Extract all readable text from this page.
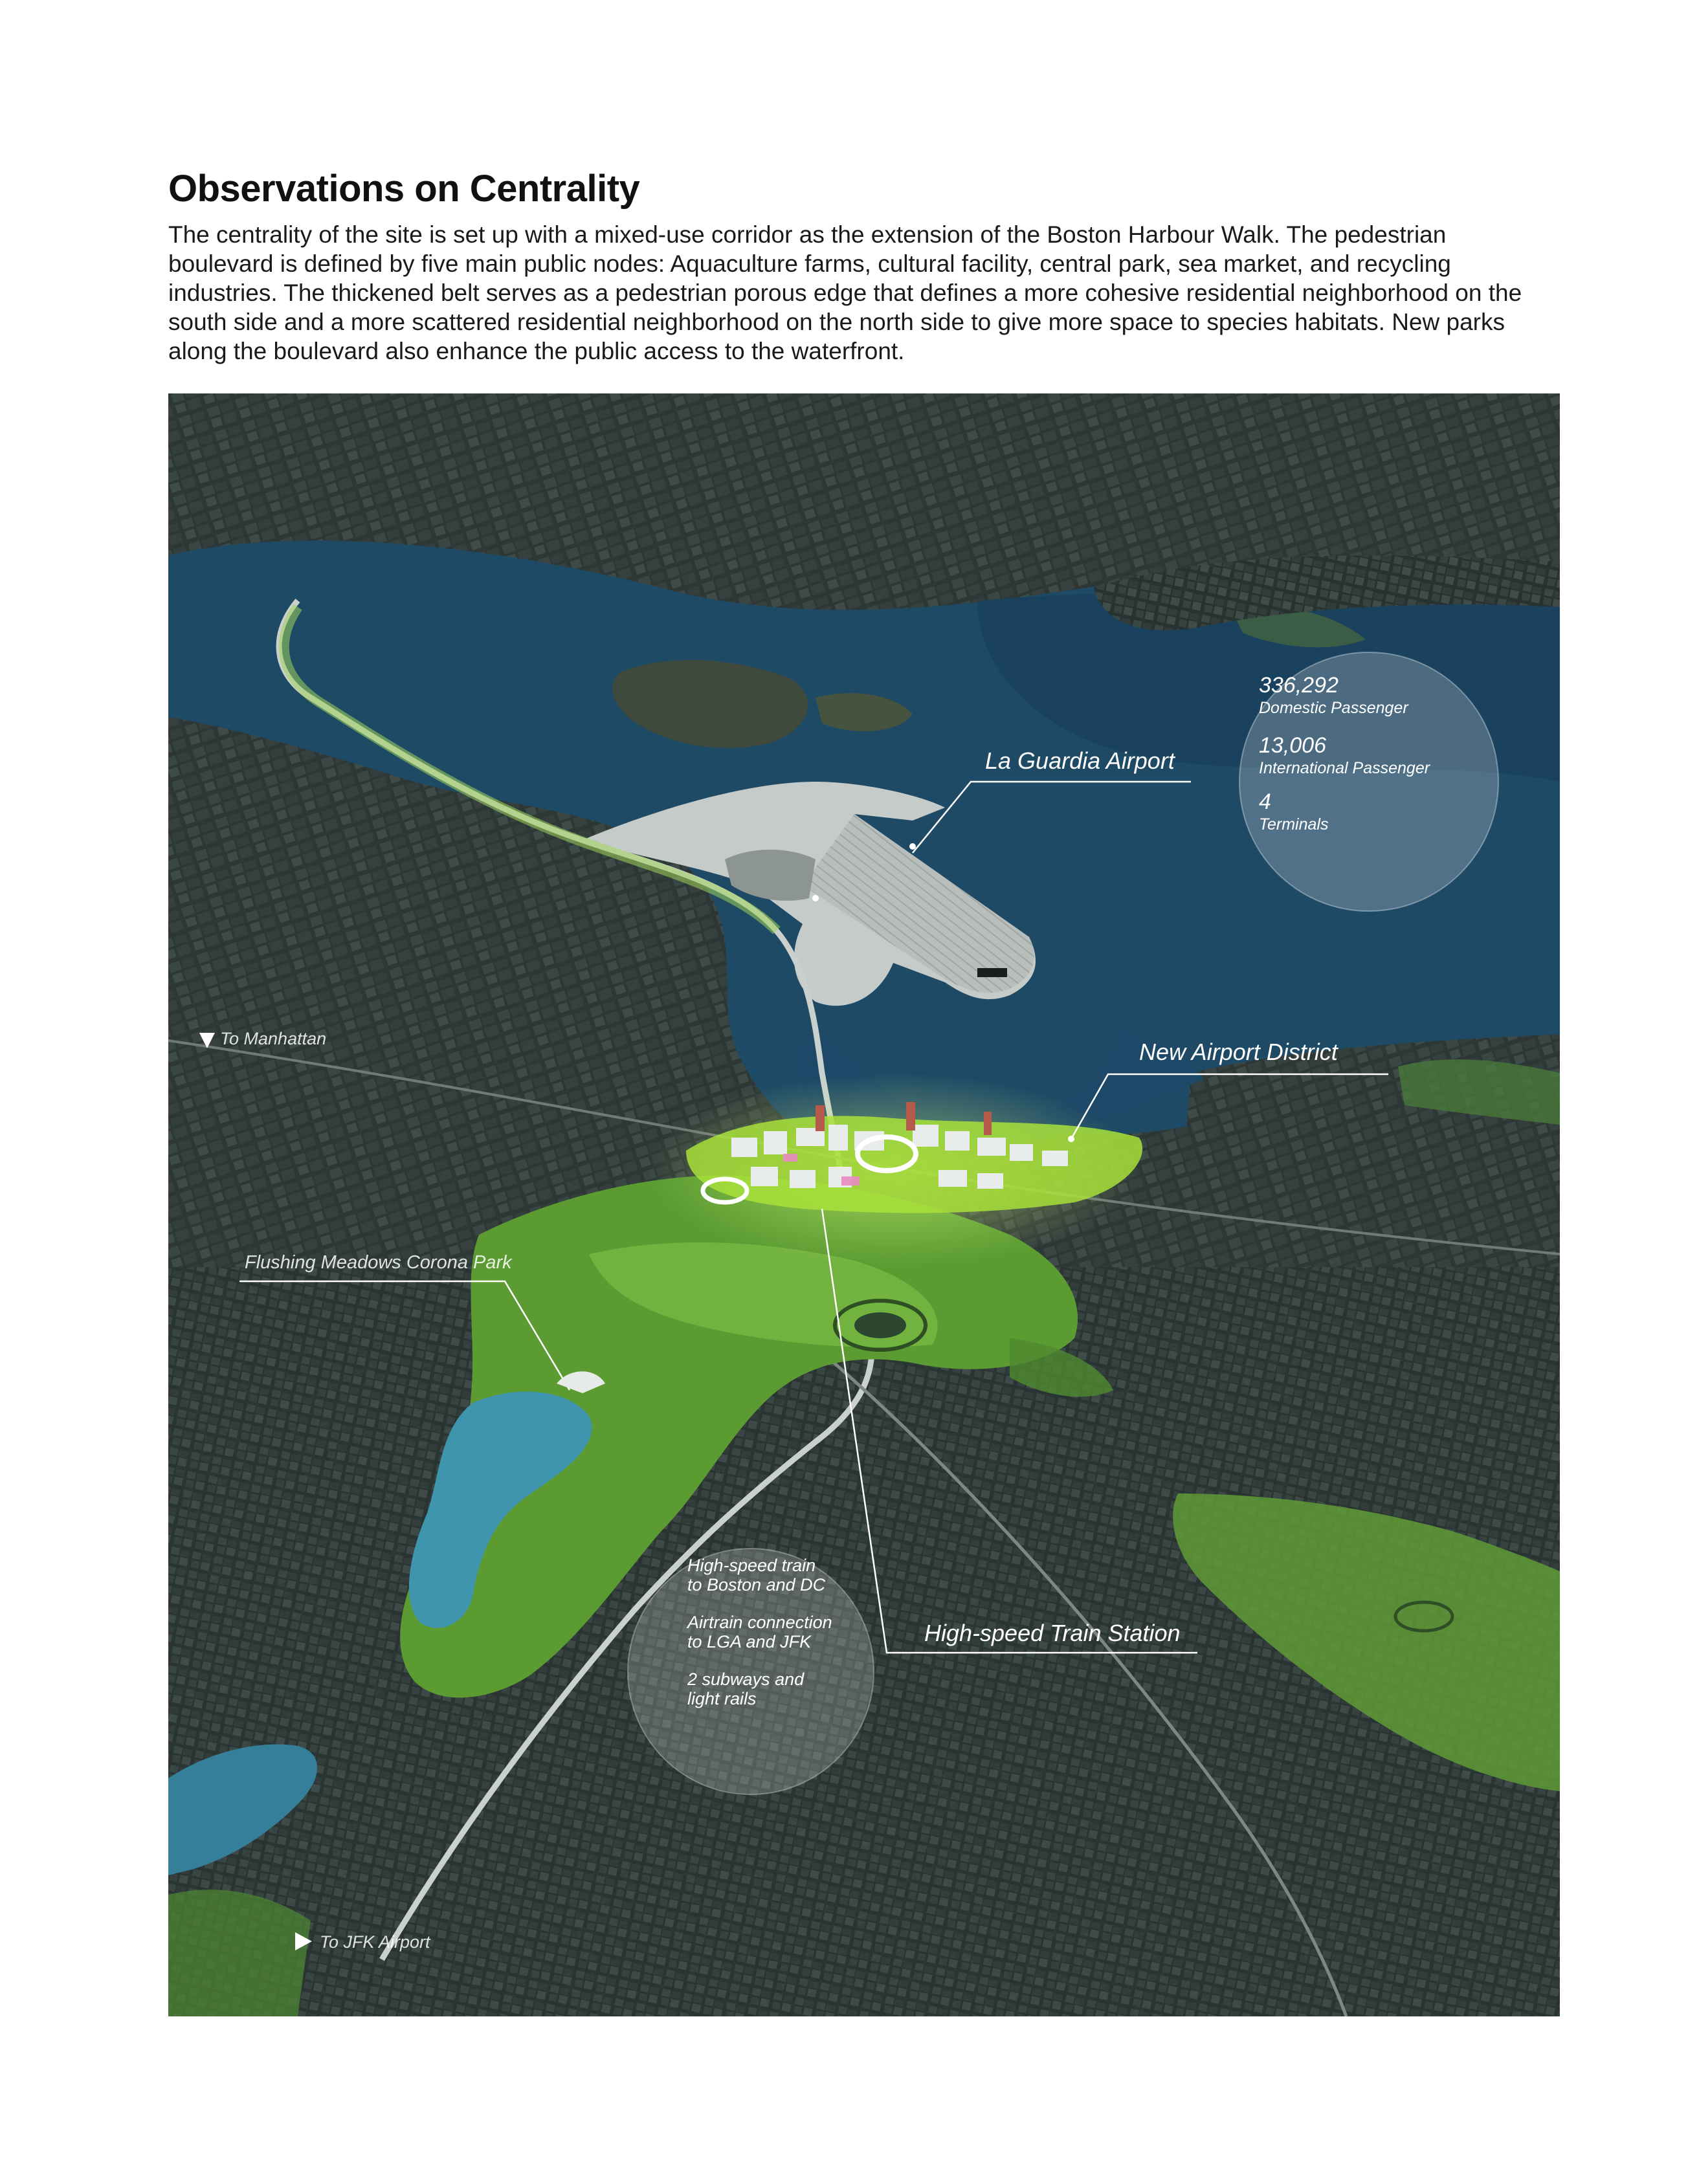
Observations on Centrality

The centrality of the site is set up with a mixed-use corridor as the extension of the Boston Harbour Walk. The pedestrian boulevard is defined by five main public nodes: Aquaculture farms, cultural facility, central park, sea market, and recycling industries. The thickened belt serves as a pedestrian porous edge that defines a more cohesive residential neighborhood on the south side and a more scattered residential neighborhood on the north side to give more space to species habitats. New parks along the boulevard also enhance the public access to the waterfront.

La Guardia Airport
336,292
Domestic Passenger
13,006
International Passenger
4
Terminals
New Airport District
Flushing Meadows Corona Park
High-speed Train Station
High-speed train
to Boston and DC
Airtrain connection
to LGA and JFK
2 subways and
light rails
To Manhattan
To JFK Airport
